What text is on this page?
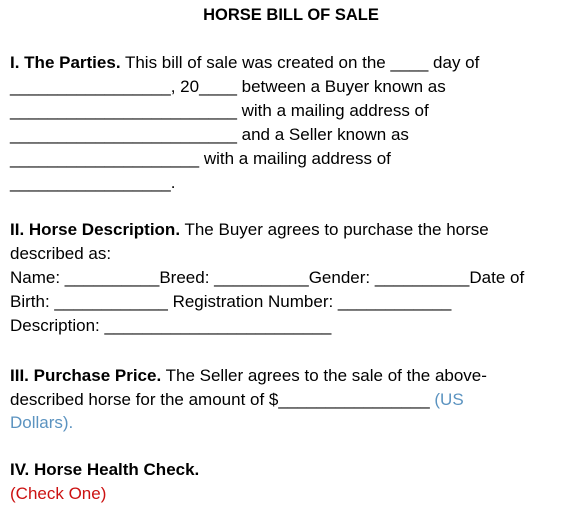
HORSE BILL OF SALE
I. The Parties. This bill of sale was created on the ____ day of
_________________, 20____ between a Buyer known as
________________________ with a mailing address of
________________________ and a Seller known as
____________________ with a mailing address of
_________________.
II. Horse Description. The Buyer agrees to purchase the horse
described as:
Name: __________Breed: __________Gender: __________Date of
Birth: ____________ Registration Number: ____________
Description: ________________________
III. Purchase Price. The Seller agrees to the sale of the above-
described horse for the amount of $________________ (US
Dollars).
IV. Horse Health Check.
(Check One)
